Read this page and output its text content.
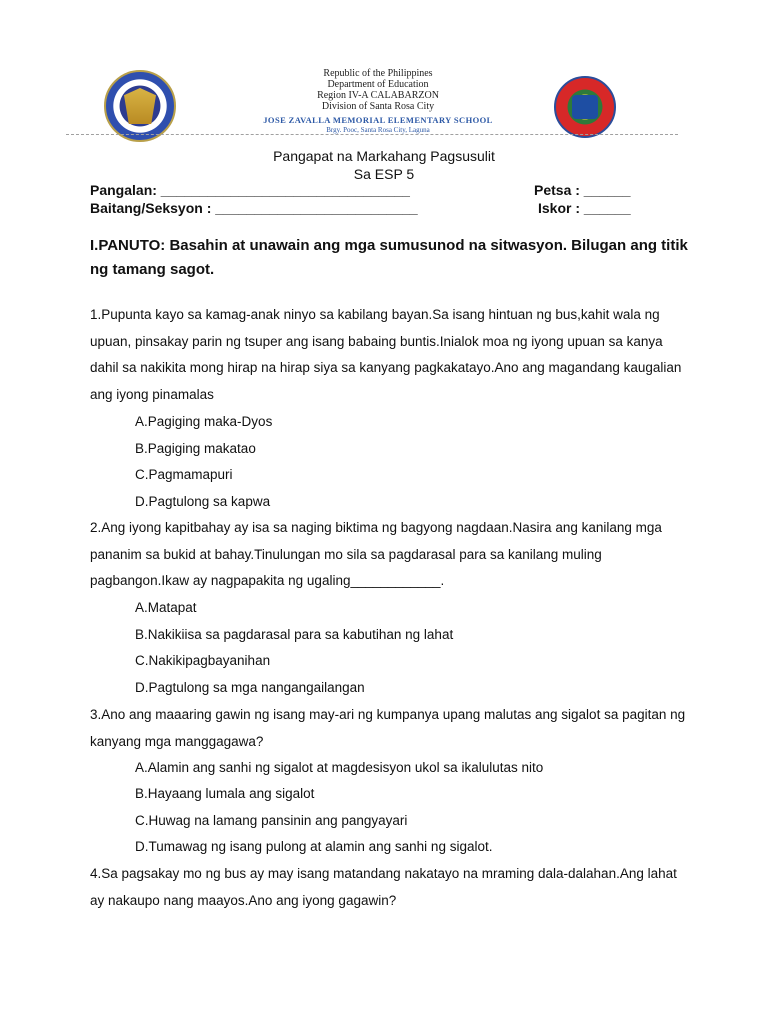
Republic of the Philippines
Department of Education
Region IV-A CALABARZON
Division of Santa Rosa City
JOSE ZAVALLA MEMORIAL ELEMENTARY SCHOOL
Brgy. Pooc, Santa Rosa City, Laguna
Pangapat na Markahang Pagsusulit
Sa ESP 5
Pangalan: ________________________________	Petsa : ______
Baitang/Seksyon : __________________________	Iskor : ______
I.PANUTO: Basahin at unawain ang mga sumusunod na sitwasyon. Bilugan ang titik ng tamang sagot.
1.Pupunta kayo sa kamag-anak ninyo sa kabilang bayan.Sa isang hintuan ng bus,kahit wala ng upuan, pinsakay parin ng tsuper ang isang babaing buntis.Inialok moa ng iyong upuan sa kanya dahil sa nakikita mong hirap na hirap siya sa kanyang pagkakatayo.Ano ang magandang kaugalian ang iyong pinamalas
A.Pagiging maka-Dyos
B.Pagiging makatao
C.Pagmamapuri
D.Pagtulong sa kapwa
2.Ang iyong kapitbahay ay isa sa naging biktima ng bagyong nagdaan.Nasira ang kanilang mga pananim sa bukid at bahay.Tinulungan mo sila sa pagdarasal para sa kanilang muling pagbangon.Ikaw ay nagpapakita ng ugaling____________.
A.Matapat
B.Nakikiisa sa pagdarasal para sa kabutihan ng lahat
C.Nakikipagbayanihan
D.Pagtulong sa mga nangangailangan
3.Ano ang maaaring gawin ng isang may-ari ng kumpanya upang malutas ang sigalot sa pagitan ng kanyang mga manggagawa?
A.Alamin ang sanhi ng sigalot at magdesisyon ukol sa ikalulutas nito
B.Hayaang lumala ang sigalot
C.Huwag na lamang pansinin ang pangyayari
D.Tumawag ng isang pulong at alamin ang sanhi ng sigalot.
4.Sa pagsakay mo ng bus ay may isang matandang nakatayo na mraming dala-dalahan.Ang lahat ay nakaupo nang maayos.Ano ang iyong gagawin?
